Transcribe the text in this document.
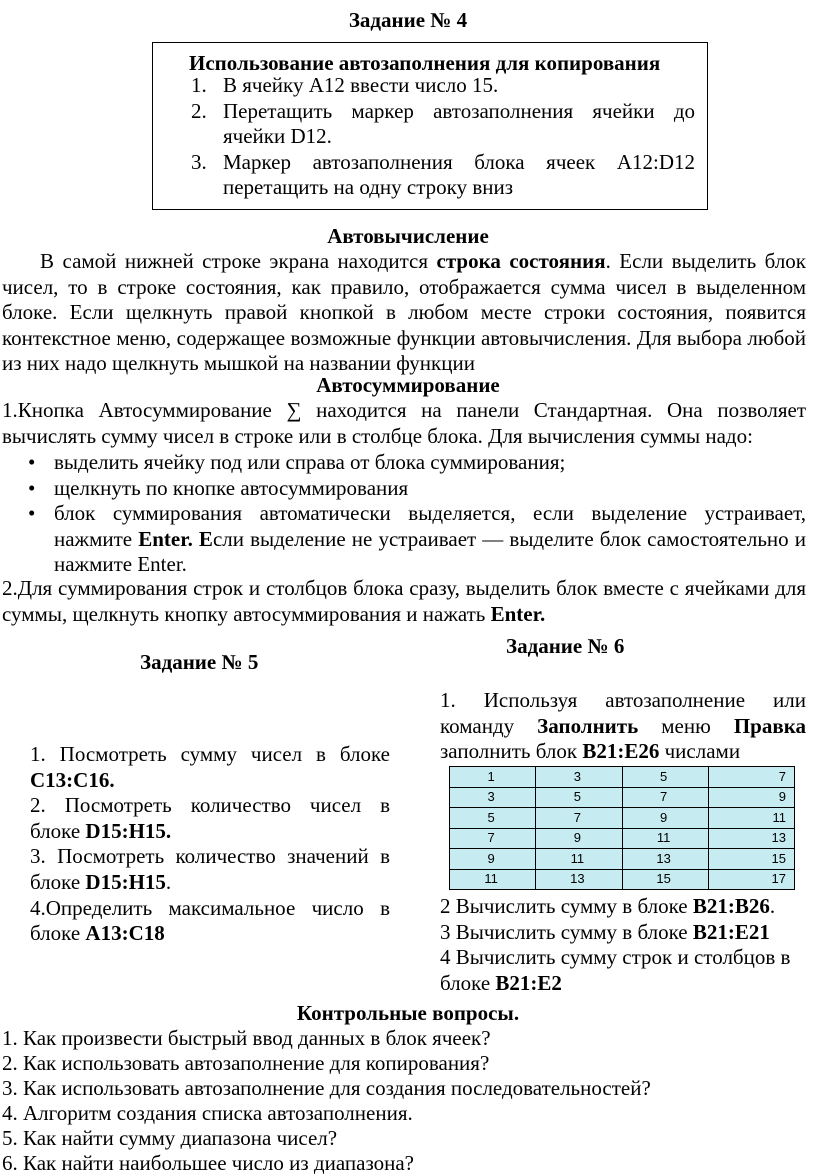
Задание № 4
Использование автозаполнения для копирования
1. В ячейку А12 ввести число 15.
2. Перетащить маркер автозаполнения ячейки до
ячейки D12.
3. Маркер автозаполнения блока ячеек А12:D12
перетащить на одну строку вниз
Автовычисление

В самой нижней строке экрана находится строка состояния. Если выделить блок чисел, то в строке состояния, как правило, отображается сумма чисел в выделенном блоке. Если щелкнуть правой кнопкой в любом месте строки состояния, появится контекстное меню, содержащее возможные функции автовычисления. Для выбора любой из них надо щелкнуть мышкой на названии функции

Автосуммирование
1.Кнопка Автосуммирование ∑ находится на панели Стандартная. Она позволяет вычислять сумму чисел в строке или в столбце блока. Для вычисления суммы надо:
• выделить ячейку под или справа от блока суммирования;
• щелкнуть по кнопке автосуммирования
• блок суммирования автоматически выделяется, если выделение устраивает, нажмите Enter. Если выделение не устраивает — выделите блок самостоятельно и нажмите Enter.
2.Для суммирования строк и столбцов блока сразу, выделить блок вместе с ячейками для суммы, щелкнуть кнопку автосуммирования и нажать Enter.
Задание № 6
Задание № 5

1. Посмотреть сумму чисел в блоке С13:С16.

2. Посмотреть количество чисел в блоке D15:H15.

3. Посмотреть количество значений в блоке D15:H15.

4.Определить максимальное число в блоке А13:С18

1. Используя автозаполнение или команду Заполнить меню Правка заполнить блок В21:Е26 числами
1	3	5	7
3	5	7	9
5	7	9	11
7	9	11	13
9	11	13	15
11	13	15	17

2 Вычислить сумму в блоке В21:В26.

3 Вычислить сумму в блоке В21:Е21

4 Вычислить сумму строк и столбцов в блоке В21:Е2

Контрольные вопросы.
1. Как произвести быстрый ввод данных в блок ячеек?
2. Как использовать автозаполнение для копирования?
3. Как использовать автозаполнение для создания последовательностей?
4. Алгоритм создания списка автозаполнения.
5. Как найти сумму диапазона чисел?
6. Как найти наибольшее число из диапазона?
